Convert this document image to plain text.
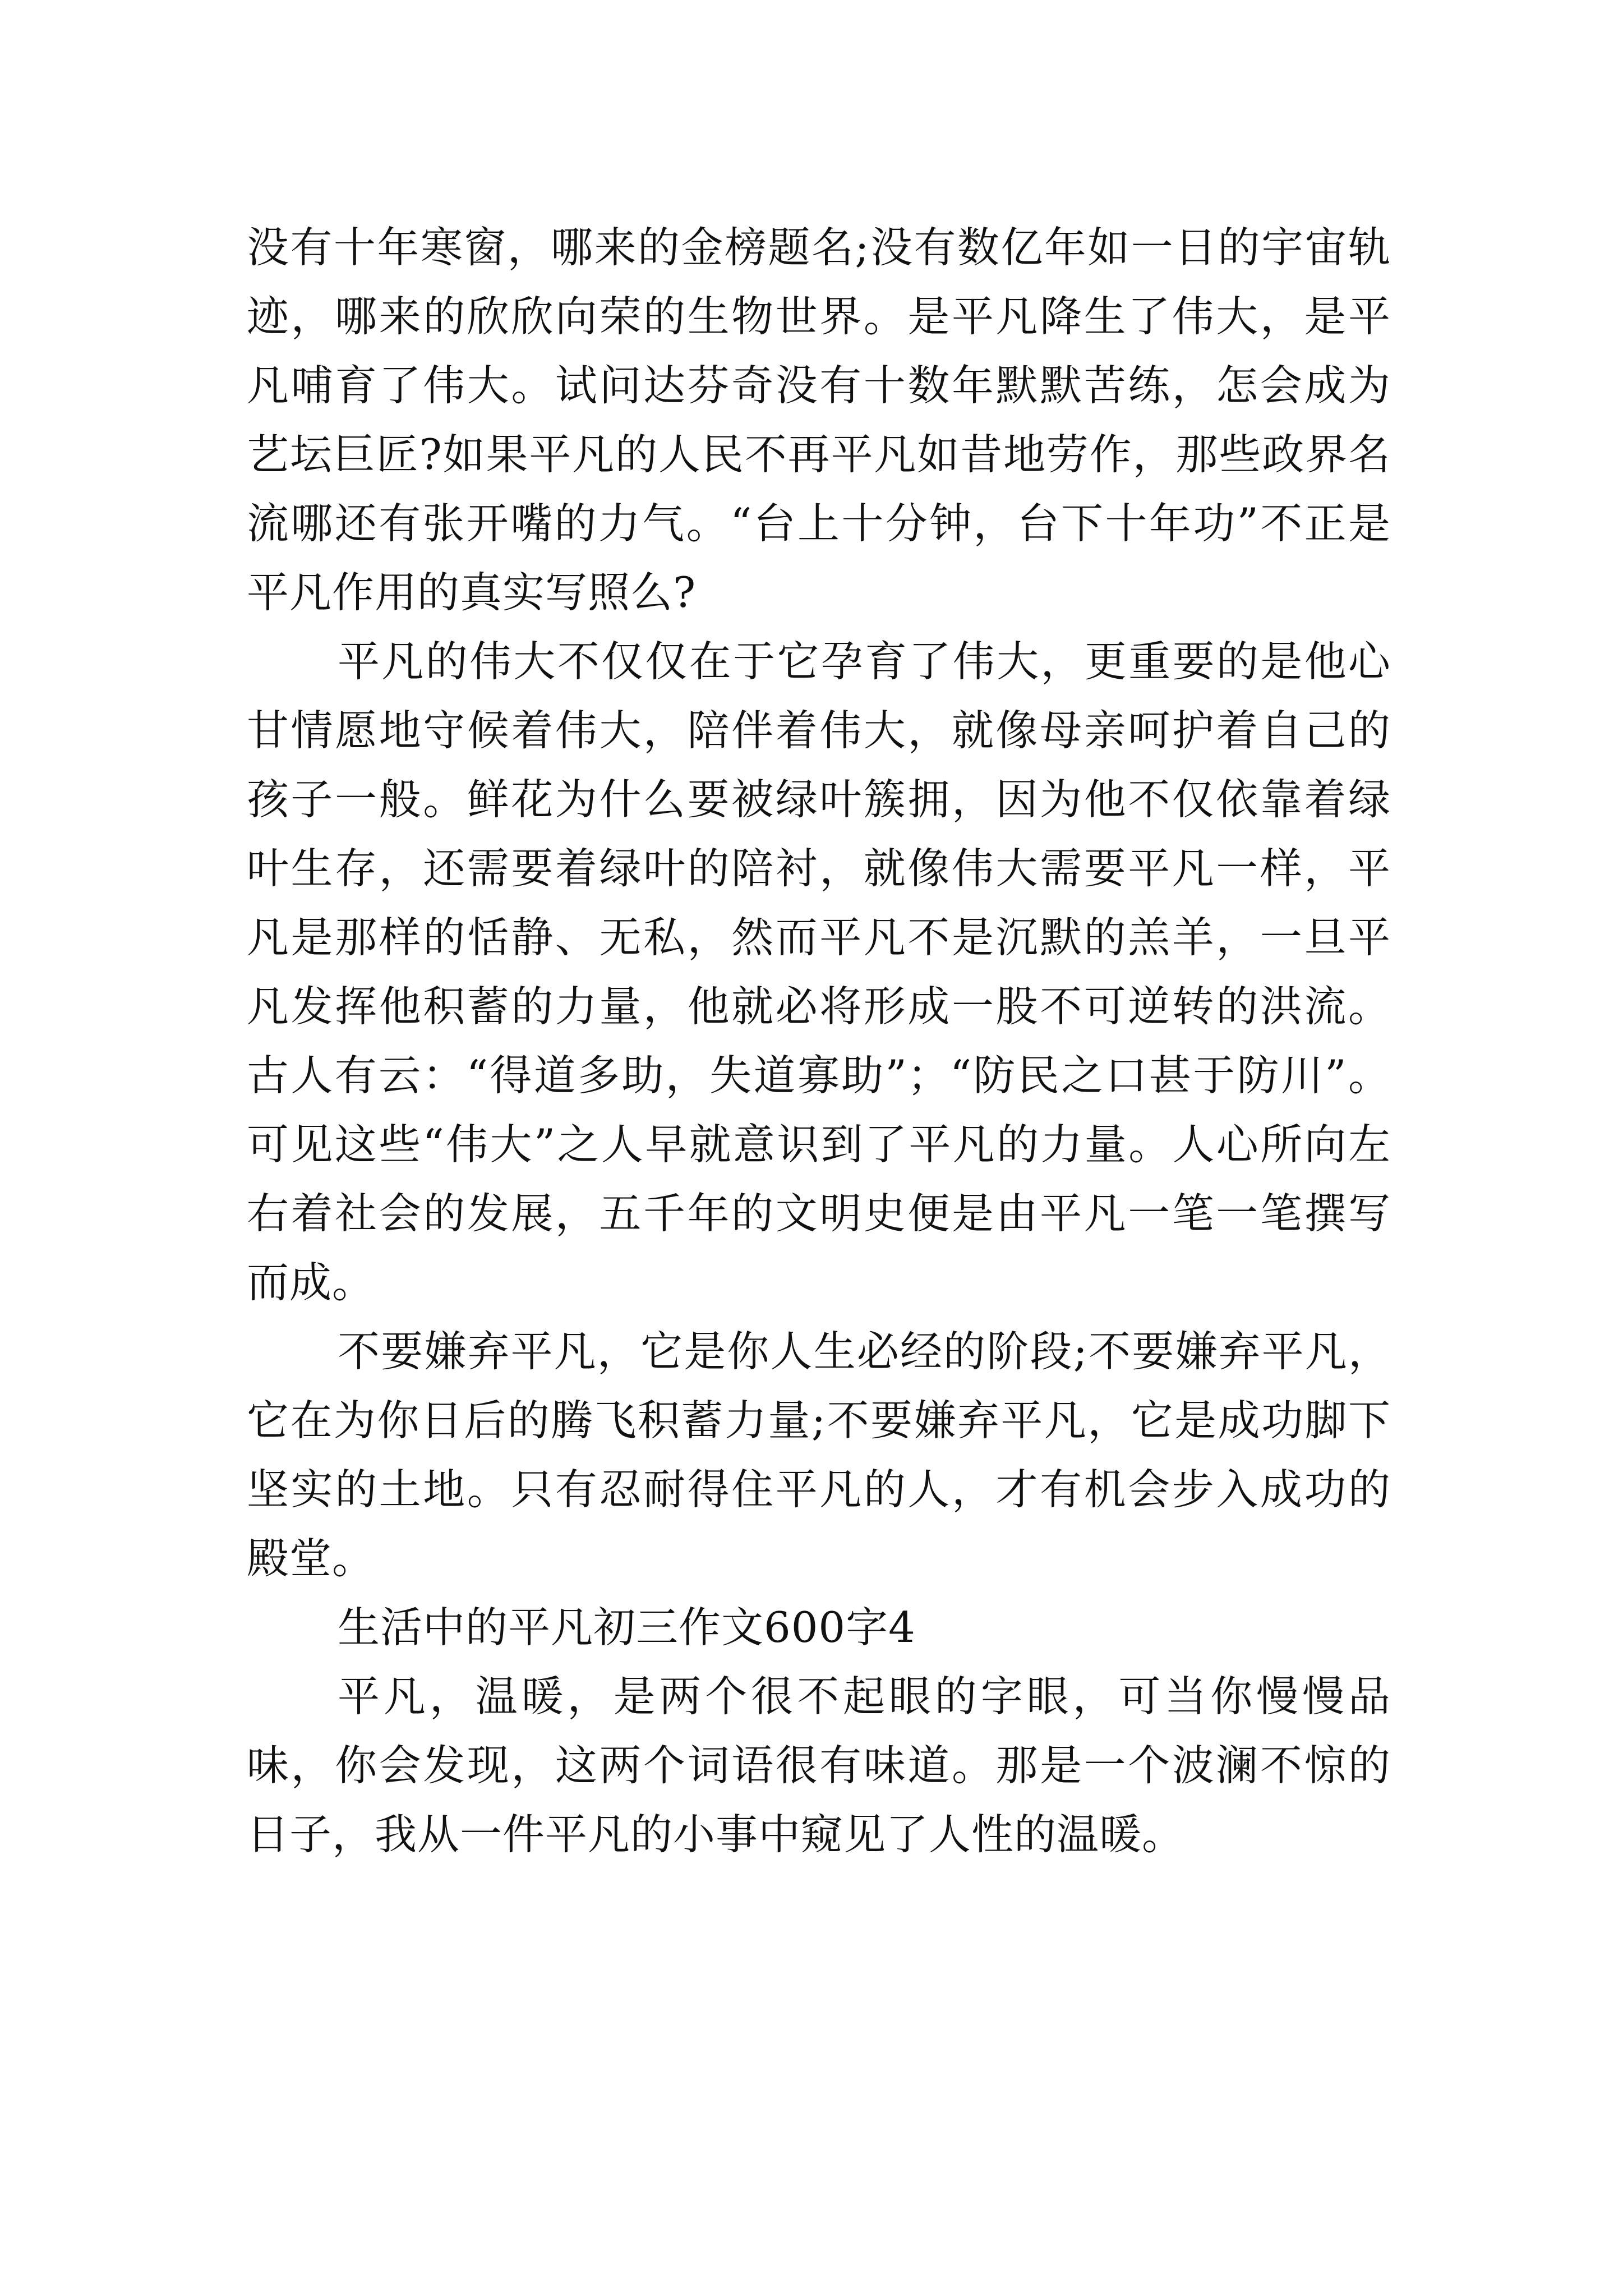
没有十年寒窗，哪来的金榜题名;没有数亿年如一日的宇宙轨迹，哪来的欣欣向荣的生物世界。是平凡降生了伟大，是平凡哺育了伟大。试问达芬奇没有十数年默默苦练，怎会成为艺坛巨匠?如果平凡的人民不再平凡如昔地劳作，那些政界名流哪还有张开嘴的力气。“台上十分钟，台下十年功”不正是平凡作用的真实写照么?

平凡的伟大不仅仅在于它孕育了伟大，更重要的是他心甘情愿地守候着伟大，陪伴着伟大，就像母亲呵护着自己的孩子一般。鲜花为什么要被绿叶簇拥，因为他不仅依靠着绿叶生存，还需要着绿叶的陪衬，就像伟大需要平凡一样，平凡是那样的恬静、无私，然而平凡不是沉默的羔羊，一旦平凡发挥他积蓄的力量，他就必将形成一股不可逆转的洪流。古人有云：“得道多助，失道寡助”；“防民之口甚于防川”。可见这些“伟大”之人早就意识到了平凡的力量。人心所向左右着社会的发展，五千年的文明史便是由平凡一笔一笔撰写而成。

不要嫌弃平凡，它是你人生必经的阶段;不要嫌弃平凡，它在为你日后的腾飞积蓄力量;不要嫌弃平凡，它是成功脚下坚实的土地。只有忍耐得住平凡的人，才有机会步入成功的殿堂。

生活中的平凡初三作文600字4

平凡，温暖，是两个很不起眼的字眼，可当你慢慢品味，你会发现，这两个词语很有味道。那是一个波澜不惊的日子，我从一件平凡的小事中窥见了人性的温暖。
